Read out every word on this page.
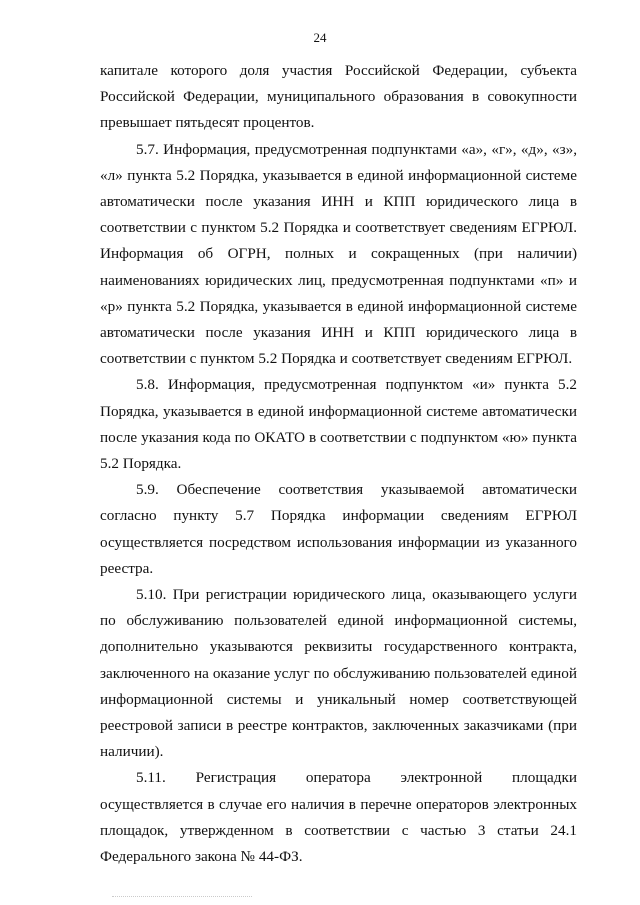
24

капитале которого доля участия Российской Федерации, субъекта Российской Федерации, муниципального образования в совокупности превышает пятьдесят процентов.

5.7. Информация, предусмотренная подпунктами «а», «г», «д», «з», «л» пункта 5.2 Порядка, указывается в единой информационной системе автоматически после указания ИНН и КПП юридического лица в соответствии с пунктом 5.2 Порядка и соответствует сведениям ЕГРЮЛ. Информация об ОГРН, полных и сокращенных (при наличии) наименованиях юридических лиц, предусмотренная подпунктами «п» и «р» пункта 5.2 Порядка, указывается в единой информационной системе автоматически после указания ИНН и КПП юридического лица в соответствии с пунктом 5.2 Порядка и соответствует сведениям ЕГРЮЛ.

5.8. Информация, предусмотренная подпунктом «и» пункта 5.2 Порядка, указывается в единой информационной системе автоматически после указания кода по ОКАТО в соответствии с подпунктом «ю» пункта 5.2 Порядка.

5.9. Обеспечение соответствия указываемой автоматически согласно пункту 5.7 Порядка информации сведениям ЕГРЮЛ осуществляется посредством использования информации из указанного реестра.

5.10. При регистрации юридического лица, оказывающего услуги по обслуживанию пользователей единой информационной системы, дополнительно указываются реквизиты государственного контракта, заключенного на оказание услуг по обслуживанию пользователей единой информационной системы и уникальный номер соответствующей реестровой записи в реестре контрактов, заключенных заказчиками (при наличии).

5.11. Регистрация оператора электронной площадки осуществляется в случае его наличия в перечне операторов электронных площадок, утвержденном в соответствии с частью 3 статьи 24.1 Федерального закона № 44-ФЗ.
